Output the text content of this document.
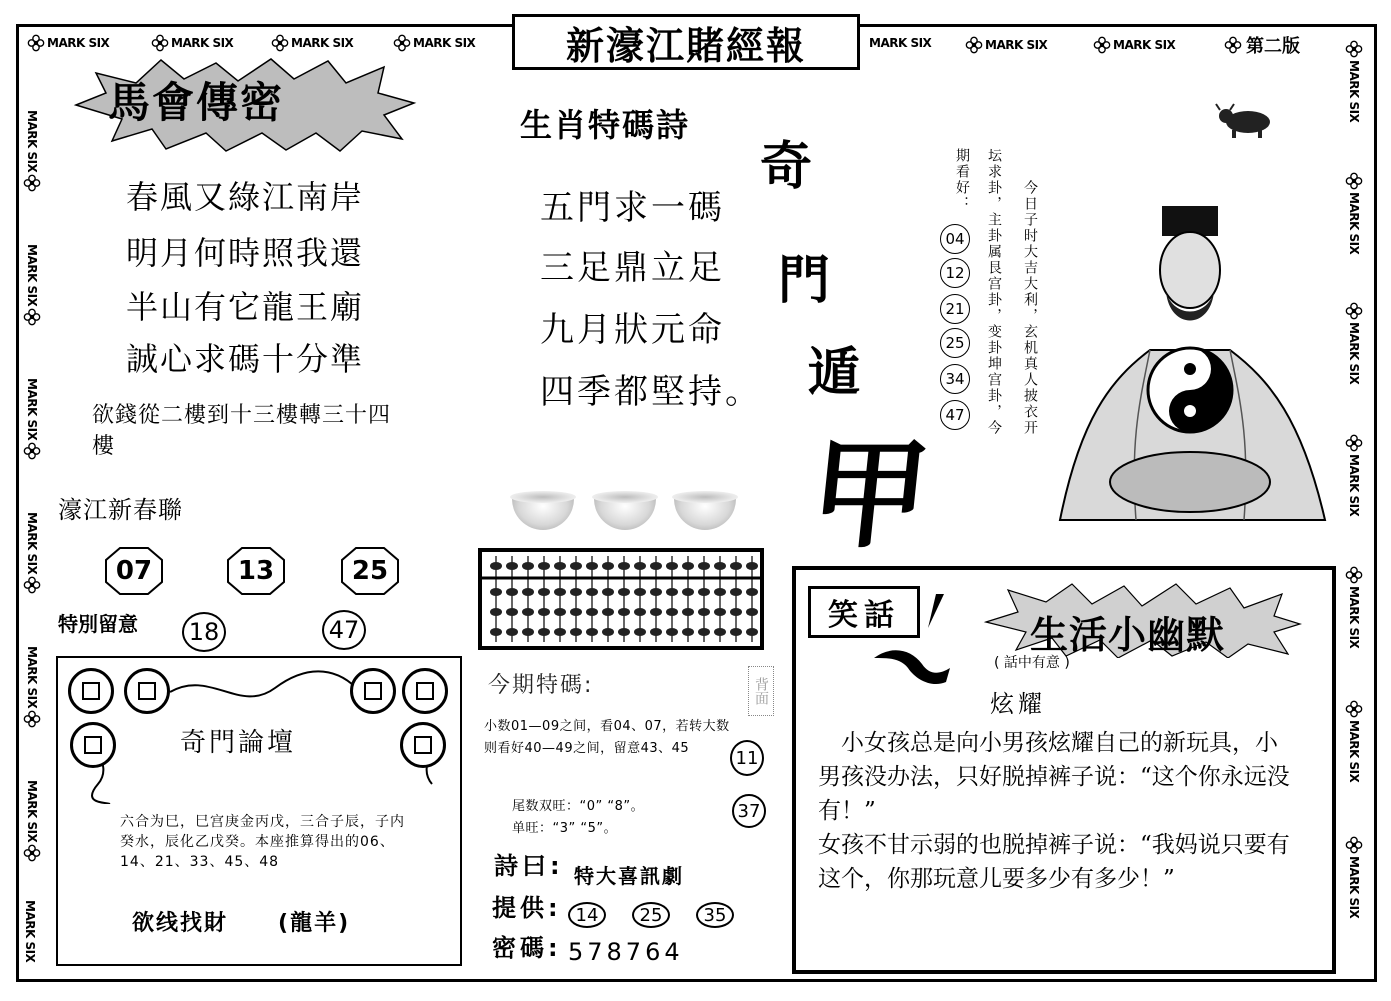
新濠江賭經報
MARK SIX	MARK SIX	MARK SIX	MARK SIX	MARK SIX	MARK SIX	MARK SIX	第二版
MARK SIX
MARK SIX
MARK SIX
MARK SIX
MARK SIX
MARK SIX
MARK SIX
MARK SIX
MARK SIX
MARK SIX
MARK SIX
MARK SIX
MARK SIX
MARK SIX
馬會傳密
春風又綠江南岸
明月何時照我還
半山有它龍王廟
誠心求碼十分準
欲錢從二樓到十三樓轉三十四樓
濠江新春聯
07	13	25
特別留意 18	47
奇門論壇
六合为巳，巳宫庚金丙戊，三合子辰，子内癸水，辰化乙戊癸。本座推算得出的06、14、21、33、45、48
欲线找財 (龍羊)
生肖特碼詩
五門求一碼
三足鼎立足
九月狀元命
四季都堅持。
今期特碼:	背面
小数01—09之间，看04、07，若转大数则看好40—49之间，留意43、45
尾数双旺：“0” “8”。
单旺：“3” “5”。
11
37
詩曰: 特大喜訊劇
提供: 14	25	35
密碼: 578764
奇
門
遁
甲
今日子时大吉大利，玄机真人披衣开
坛求卦，主卦属艮宫卦，变卦坤宫卦，今
期看好：
04
12
21
25
34
47
笑話	生活小幽默
( 話中有意 )
炫耀
　小女孩总是向小男孩炫耀自己的新玩具，小男孩没办法，只好脱掉裤子说：“这个你永远没有！”
女孩不甘示弱的也脱掉裤子说：“我妈说只要有这个，你那玩意儿要多少有多少！”
